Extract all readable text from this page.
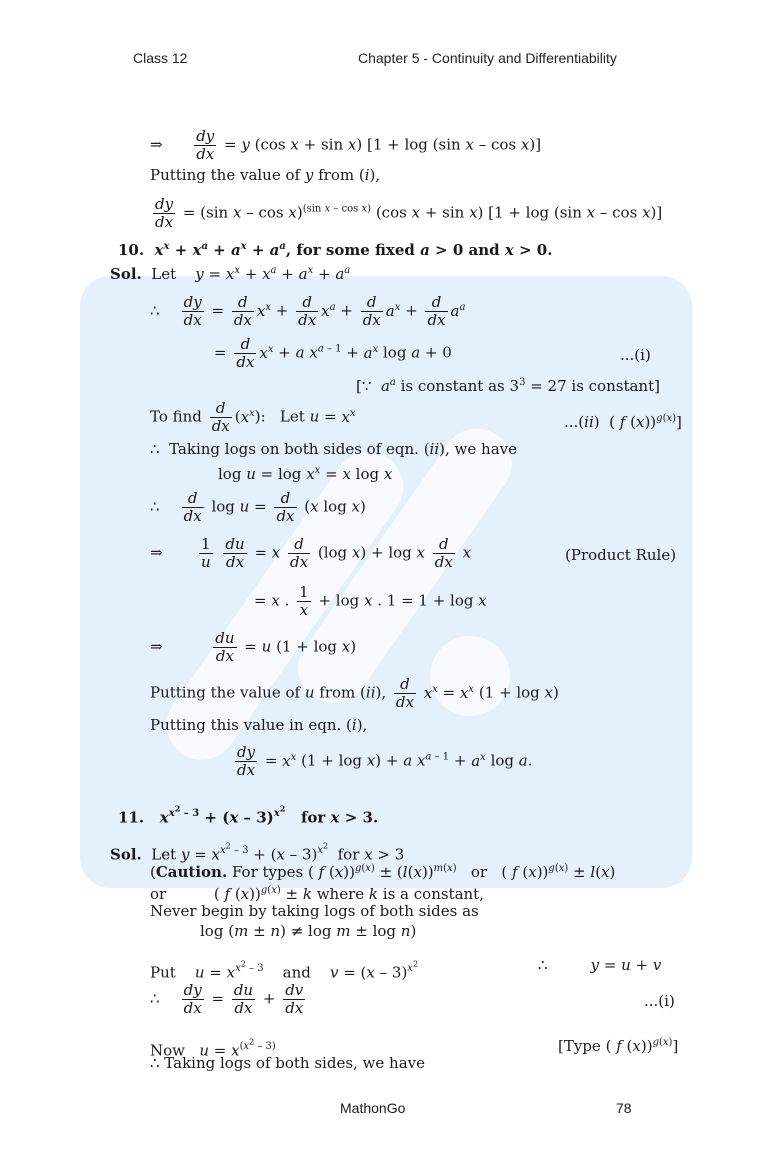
Class 12	Chapter 5 - Continuity and Differentiability
⇒ $\frac{dy}{dx} = y$ (cos x + sin x) [1 + log (sin x – cos x)]
Putting the value of y from (i),
$\frac{dy}{dx} = (\sin$ x – cos x)$^{(sin x - cos x)}$ (cos x + sin x) [1 + log (sin x – cos x)]
10.  $x^x + x^a + a^x + a^a$, for some fixed a > 0 and x > 0.
Sol.  Let    $y = x^x + x^a + a^x + a^a$
∴ $\frac{dy}{dx} = \frac{d}{dx} x^x + \frac{d}{dx} x^a + \frac{d}{dx} a^x + \frac{d}{dx} a^a$
= $\frac{d}{dx} x^x + a$ $x^{a - 1} + a^x$ log a + 0	...(i)
[∵  $a^a$ is constant as $3^3 = 27$ is constant]
To find $\frac{d}{dx} (x^x)$:   Let $u = x^x$	...(ii)  ( f (x))$^{g(x)}$]
∴  Taking logs on both sides of eqn. (ii), we have
$\log u = \log x^x = x$ log x
∴ $\frac{d}{dx}$ $\log u = \frac{d}{dx} (x$ log x)
⇒ $\frac{1}{u}$
$\frac{du}{dx} = x \frac{d}{dx} (\log$ x) + log x $\frac{d}{dx}$ x	(Product Rule)
= x . $\frac{1}{x} + \log x$ . 1 = 1 + log x
⇒ $\frac{du}{dx} = u$ (1 + log x)
Putting the value of u from (ii), $\frac{d}{dx} x^x = x^x$ (1 + log x)
Putting this value in eqn. (i),
$\frac{dy}{dx} = x^x$ (1 + log x) + a $x^{a - 1} + a^x$ log a.
11.   $x^{x^2 - 3} + (x - 3)^{x^2}$   for x > 3.
Sol.  Let $y = x^{x^2 - 3} + (x - 3)^{x^2}$  for x > 3
(Caution. For types ( f $(x))^{g(x)} \pm (l(x))^{m(x)}$   or   ( f (x))$^{g(x)}$ ± l(x)
or          ( f (x))$^{g(x)}$ ± k where k is a constant,
Never begin by taking logs of both sides as
log (m ± n) ≠ log m ± log n)
Put    $u = x^{x^2 - 3}$    and    v = (x – 3)$^{x^2}$	∴         y = u + v
∴ $\frac{dy}{dx} = \frac{du}{dx} + \frac{dv}{dx}$	...(i)
Now   $u = x^{(x^2 - 3)}$	[Type ( f (x))$^{g(x)}$]
∴ Taking logs of both sides, we have
MathonGo	78
